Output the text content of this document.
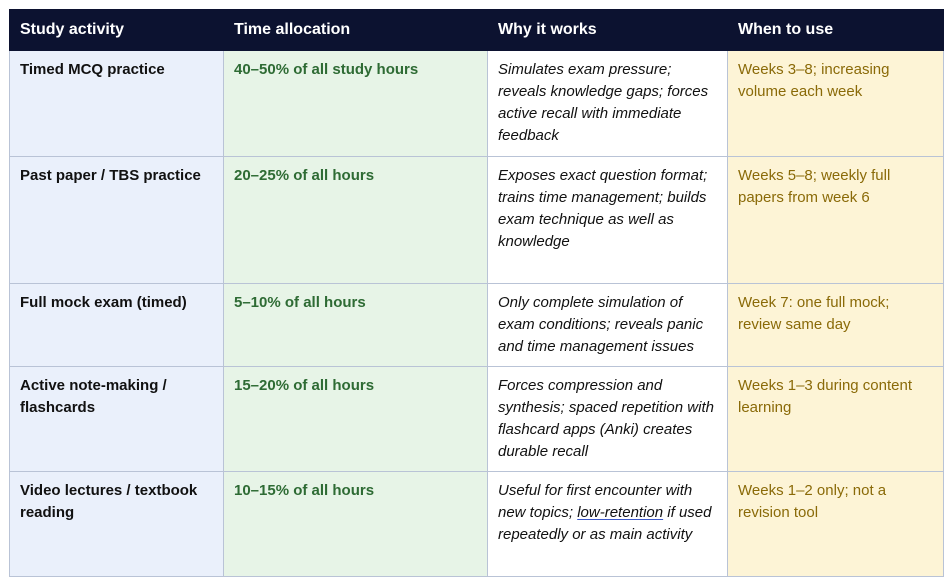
Study activity	Time allocation	Why it works	When to use
Timed MCQ practice	40–50% of all study hours	Simulates exam pressure; reveals knowledge gaps; forces active recall with immediate feedback	Weeks 3–8; increasing volume each week
Past paper / TBS practice	20–25% of all hours	Exposes exact question format; trains time management; builds exam technique as well as knowledge	Weeks 5–8; weekly full papers from week 6
Full mock exam (timed)	5–10% of all hours	Only complete simulation of exam conditions; reveals panic and time management issues	Week 7: one full mock; review same day
Active note-making / flashcards	15–20% of all hours	Forces compression and synthesis; spaced repetition with flashcard apps (Anki) creates durable recall	Weeks 1–3 during content learning
Video lectures / textbook reading	10–15% of all hours	Useful for first encounter with new topics; low-retention if used repeatedly or as main activity	Weeks 1–2 only; not a revision tool
